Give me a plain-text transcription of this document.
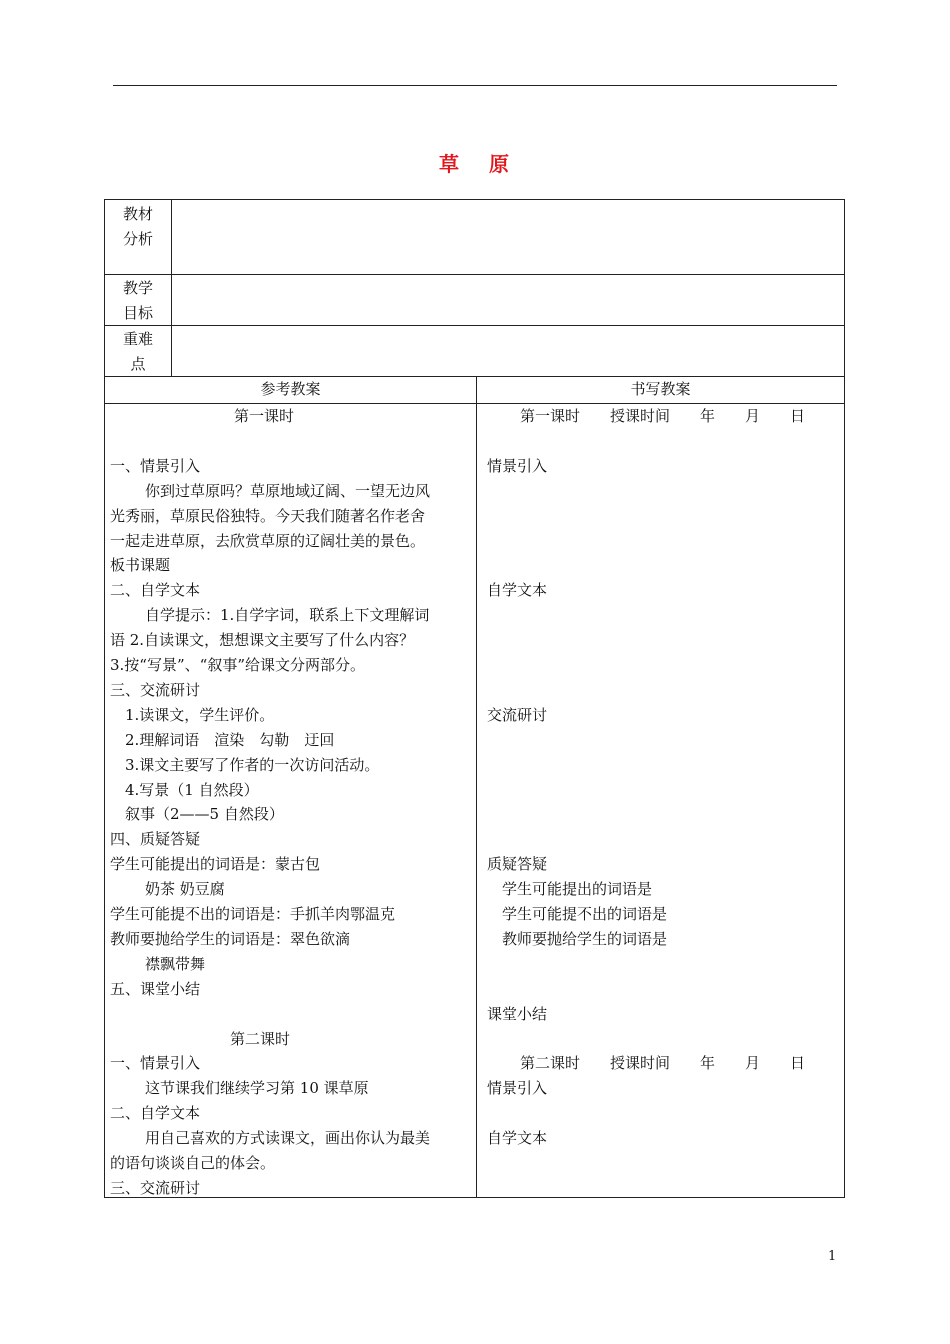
草 原
教材分析
教学目标
重难点
参考教案	书写教案
第一课时
一、情景引入
你到过草原吗？草原地域辽阔、一望无边风
光秀丽，草原民俗独特。今天我们随著名作老舍
一起走进草原，去欣赏草原的辽阔壮美的景色。
板书课题
二、自学文本
自学提示：1.自学字词，联系上下文理解词
语 2.自读课文，想想课文主要写了什么内容？
3.按“写景”、“叙事”给课文分两部分。
三、交流研讨
1.读课文，学生评价。
2.理解词语　渲染　勾勒　迂回
3.课文主要写了作者的一次访问活动。
4.写景（1 自然段）
叙事（2——5 自然段）
四、质疑答疑
学生可能提出的词语是：蒙古包
奶茶 奶豆腐
学生可能提不出的词语是：手抓羊肉鄂温克
教师要抛给学生的词语是：翠色欲滴
襟飘带舞
五、课堂小结
第二课时
一、情景引入
这节课我们继续学习第 10 课草原
二、自学文本
用自己喜欢的方式读课文，画出你认为最美
的语句谈谈自己的体会。
三、交流研讨
第一课时　　授课时间　　年　　月　　日
情景引入
自学文本
交流研讨
质疑答疑
学生可能提出的词语是
学生可能提不出的词语是
教师要抛给学生的词语是
课堂小结
第二课时　　授课时间　　年　　月　　日
情景引入
自学文本
1
